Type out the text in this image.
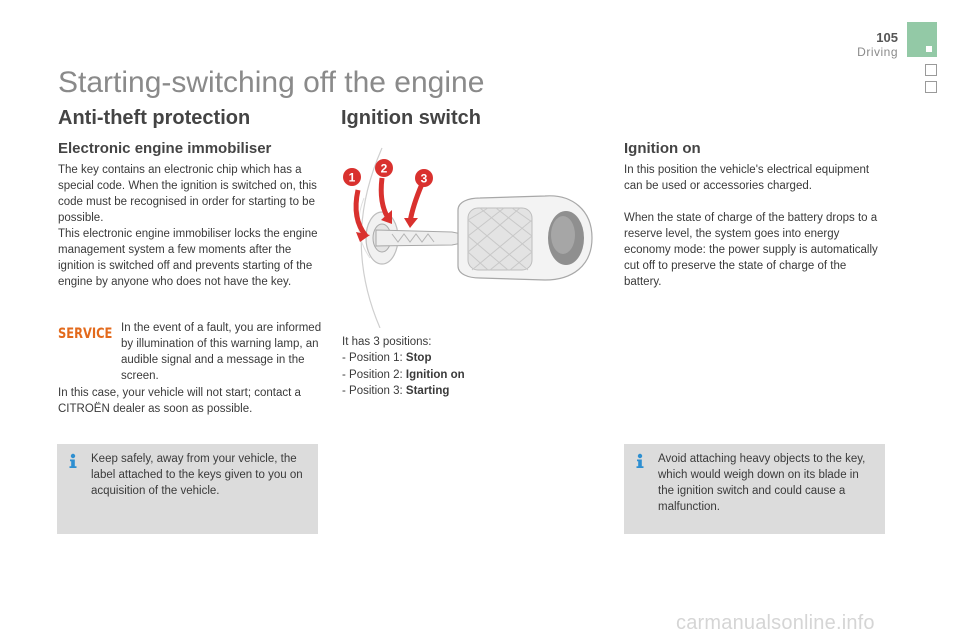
105
Driving
Starting-switching off the engine
Anti-theft protection
Electronic engine immobiliser

The key contains an electronic chip which has a special code. When the ignition is switched on, this code must be recognised in order for starting to be possible.

This electronic engine immobiliser locks the engine management system a few moments after the ignition is switched off and prevents starting of the engine by anyone who does not have the key.

SERVICE In the event of a fault, you are informed by illumination of this warning lamp, an audible signal and a message in the screen.

In this case, your vehicle will not start; contact a CITROËN dealer as soon as possible.

Keep safely, away from your vehicle, the label attached to the keys given to you on acquisition of the vehicle.

Ignition switch
1
2
3

It has 3 positions:

- Position 1: Stop
- Position 2: Ignition on
- Position 3: Starting
Ignition on

In this position the vehicle's electrical equipment can be used or accessories charged.

When the state of charge of the battery drops to a reserve level, the system goes into energy economy mode: the power supply is automatically cut off to preserve the state of charge of the battery.

Avoid attaching heavy objects to the key, which would weigh down on its blade in the ignition switch and could cause a malfunction.

carmanualsonline.info
